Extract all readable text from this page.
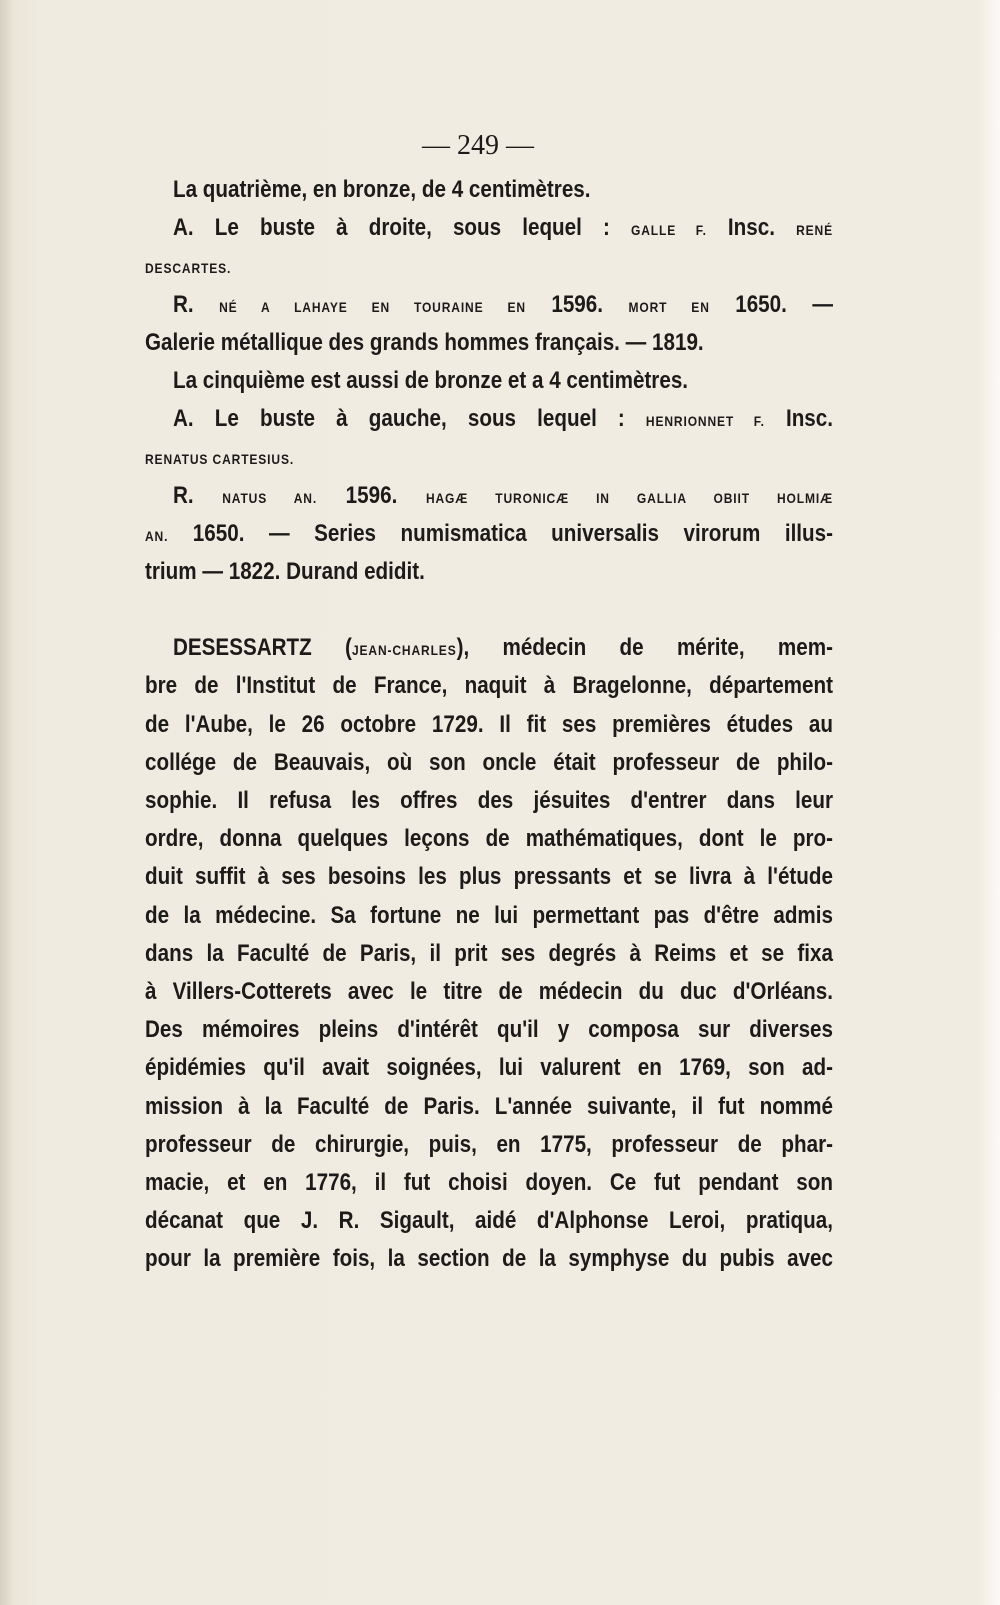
— 249 —
La quatrième, en bronze, de 4 centimètres.
A. Le buste à droite, sous lequel : GALLE F. Insc. RENÉ
DESCARTES.
R. NÉ A LAHAYE EN TOURAINE EN 1596. MORT EN 1650. —
Galerie métallique des grands hommes français. — 1819.
La cinquième est aussi de bronze et a 4 centimètres.
A. Le buste à gauche, sous lequel : HENRIONNET F. Insc.
RENATUS CARTESIUS.
R. NATUS AN. 1596. HAGÆ TURONICÆ IN GALLIA OBIIT HOLMIÆ
AN. 1650. — Series numismatica universalis virorum illus-
trium — 1822. Durand edidit.
DESESSARTZ (JEAN-CHARLES), médecin de mérite, mem-
bre de l'Institut de France, naquit à Bragelonne, département
de l'Aube, le 26 octobre 1729. Il fit ses premières études au
collége de Beauvais, où son oncle était professeur de philo-
sophie. Il refusa les offres des jésuites d'entrer dans leur
ordre, donna quelques leçons de mathématiques, dont le pro-
duit suffit à ses besoins les plus pressants et se livra à l'étude
de la médecine. Sa fortune ne lui permettant pas d'être admis
dans la Faculté de Paris, il prit ses degrés à Reims et se fixa
à Villers-Cotterets avec le titre de médecin du duc d'Orléans.
Des mémoires pleins d'intérêt qu'il y composa sur diverses
épidémies qu'il avait soignées, lui valurent en 1769, son ad-
mission à la Faculté de Paris. L'année suivante, il fut nommé
professeur de chirurgie, puis, en 1775, professeur de phar-
macie, et en 1776, il fut choisi doyen. Ce fut pendant son
décanat que J. R. Sigault, aidé d'Alphonse Leroi, pratiqua,
pour la première fois, la section de la symphyse du pubis avec
